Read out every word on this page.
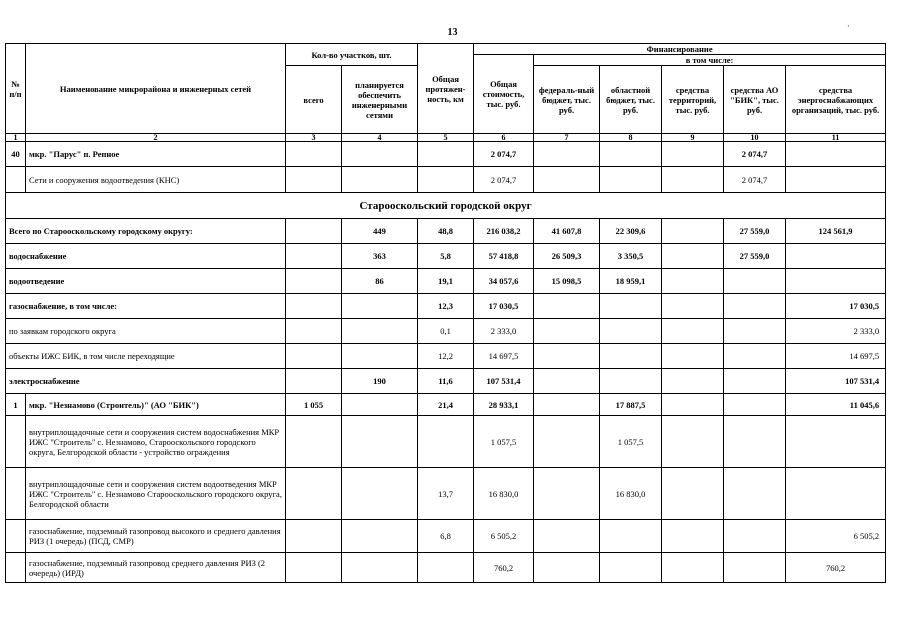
13
·
№ п/п	Наименование микрорайона и инженерных сетей	Кол-во участков, шт.		Общая протяжен-ность, км	Финансирование					
					Общая стоимость, тыс. руб.	в том числе:				
		всего	планируется обеспечить инженерными сетями			федераль-ный бюджет, тыс. руб.	областной бюджет, тыс. руб.	средства территорий, тыс. руб.	средства АО "БИК", тыс. руб.	средства энергоснабжающих организаций, тыс. руб.
1	2	3	4	5	6	7	8	9	10	11
40	мкр. "Парус" п. Репное				2 074,7				2 074,7	
	Сети и сооружения водоотведения (КНС)				2 074,7				2 074,7	
Старооскольский городской округ										
Всего по Старооскольскому городскому округу:			449	48,8	216 038,2	41 607,8	22 309,6		27 559,0	124 561,9
водоснабжение			363	5,8	57 418,8	26 509,3	3 350,5		27 559,0	
водоотведение			86	19,1	34 057,6	15 098,5	18 959,1			
газоснабжение, в том числе:				12,3	17 030,5					17 030,5
по заявкам городского округа				0,1	2 333,0					2 333,0
объекты ИЖС БИК, в том числе переходящие				12,2	14 697,5					14 697,5
электроснабжение			190	11,6	107 531,4					107 531,4
1	мкр. "Незнамово (Строитель)" (АО "БИК")	1 055		21,4	28 933,1		17 887,5			11 045,6
	внутриплощадочные сети и сооружения систем водоснабжения МКР ИЖС "Строитель" с. Незнамово, Старооскольского городского округа, Белгородской области - устройство ограждения				1 057,5		1 057,5			
	внутриплощадочные сети и сооружения систем водоотведения МКР ИЖС "Строитель" с. Незнамово Старооскольского городского округа, Белгородской области			13,7	16 830,0		16 830,0			
	газоснабжение, подземный газопровод высокого и среднего давления РИЗ (1 очередь) (ПСД, СМР)			6,8	6 505,2					6 505,2
	газоснабжение, подземный газопровод среднего давления РИЗ (2 очередь) (ИРД)				760,2					760,2
